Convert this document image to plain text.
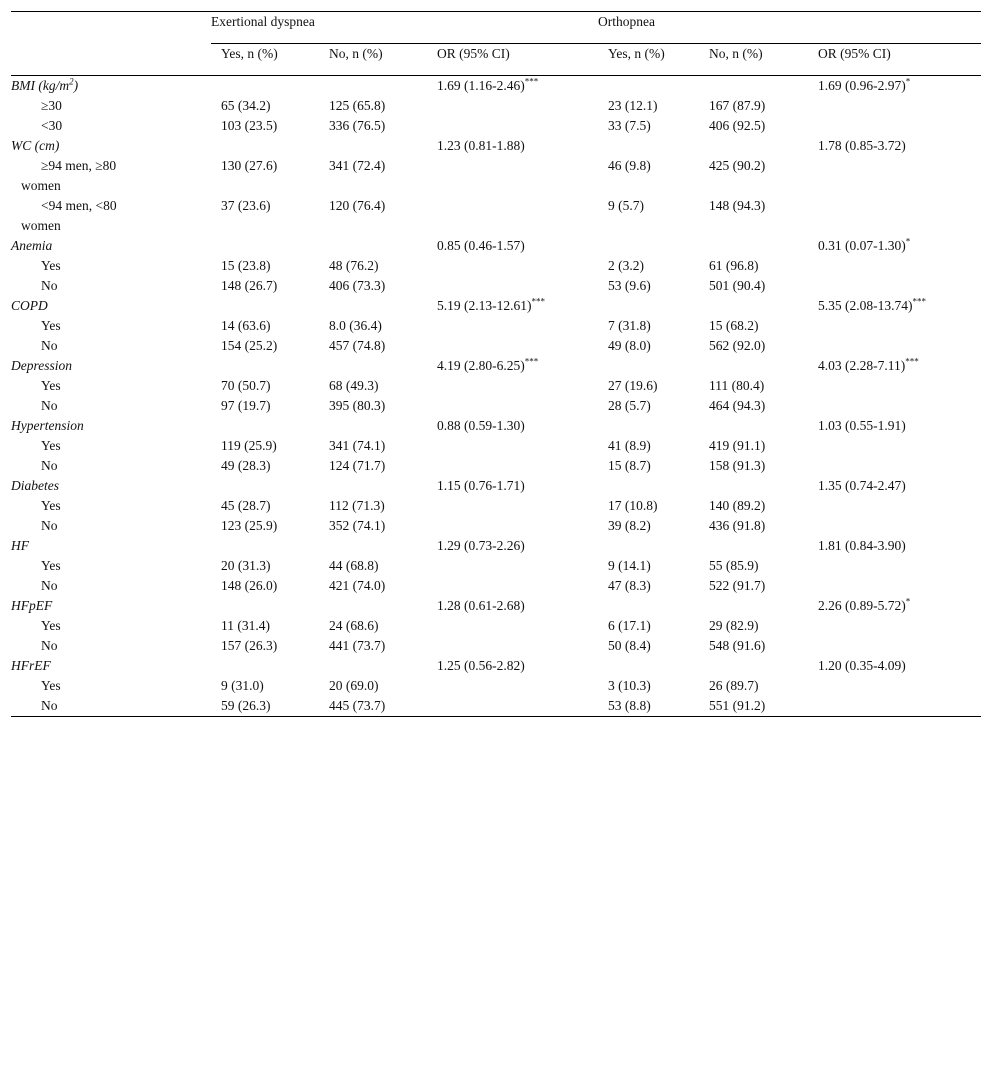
	Exertional dyspnea			Orthopnea		
	Yes, n (%)	No, n (%)	OR (95% CI)	Yes, n (%)	No, n (%)	OR (95% CI)
BMI $(kg/m^2)$			1.69 (1.16-2.46)***			1.69 (0.96-2.97)*

≥30	65 (34.2)	125 (65.8)		23 (12.1)	167 (87.9)	

<30	103 (23.5)	336 (76.5)		33 (7.5)	406 (92.5)	
WC (cm)			1.23 (0.81-1.88)			1.78 (0.85-3.72)

≥94 men, ≥80 women	130 (27.6)	341 (72.4)		46 (9.8)	425 (90.2)	

<94 men, <80 women	37 (23.6)	120 (76.4)		9 (5.7)	148 (94.3)	
Anemia			0.85 (0.46-1.57)			0.31 (0.07-1.30)*

Yes	15 (23.8)	48 (76.2)		2 (3.2)	61 (96.8)	

No	148 (26.7)	406 (73.3)		53 (9.6)	501 (90.4)	
COPD			5.19 (2.13-12.61)***			5.35 (2.08-13.74)***

Yes	14 (63.6)	8.0 (36.4)		7 (31.8)	15 (68.2)	

No	154 (25.2)	457 (74.8)		49 (8.0)	562 (92.0)	
Depression			4.19 (2.80-6.25)***			4.03 (2.28-7.11)***

Yes	70 (50.7)	68 (49.3)		27 (19.6)	111 (80.4)	

No	97 (19.7)	395 (80.3)		28 (5.7)	464 (94.3)	
Hypertension			0.88 (0.59-1.30)			1.03 (0.55-1.91)

Yes	119 (25.9)	341 (74.1)		41 (8.9)	419 (91.1)	

No	49 (28.3)	124 (71.7)		15 (8.7)	158 (91.3)	
Diabetes			1.15 (0.76-1.71)			1.35 (0.74-2.47)

Yes	45 (28.7)	112 (71.3)		17 (10.8)	140 (89.2)	

No	123 (25.9)	352 (74.1)		39 (8.2)	436 (91.8)	
HF			1.29 (0.73-2.26)			1.81 (0.84-3.90)

Yes	20 (31.3)	44 (68.8)		9 (14.1)	55 (85.9)	

No	148 (26.0)	421 (74.0)		47 (8.3)	522 (91.7)	
HFpEF			1.28 (0.61-2.68)			2.26 (0.89-5.72)*

Yes	11 (31.4)	24 (68.6)		6 (17.1)	29 (82.9)	

No	157 (26.3)	441 (73.7)		50 (8.4)	548 (91.6)	
HFrEF			1.25 (0.56-2.82)			1.20 (0.35-4.09)

Yes	9 (31.0)	20 (69.0)		3 (10.3)	26 (89.7)	

No	59 (26.3)	445 (73.7)		53 (8.8)	551 (91.2)	
